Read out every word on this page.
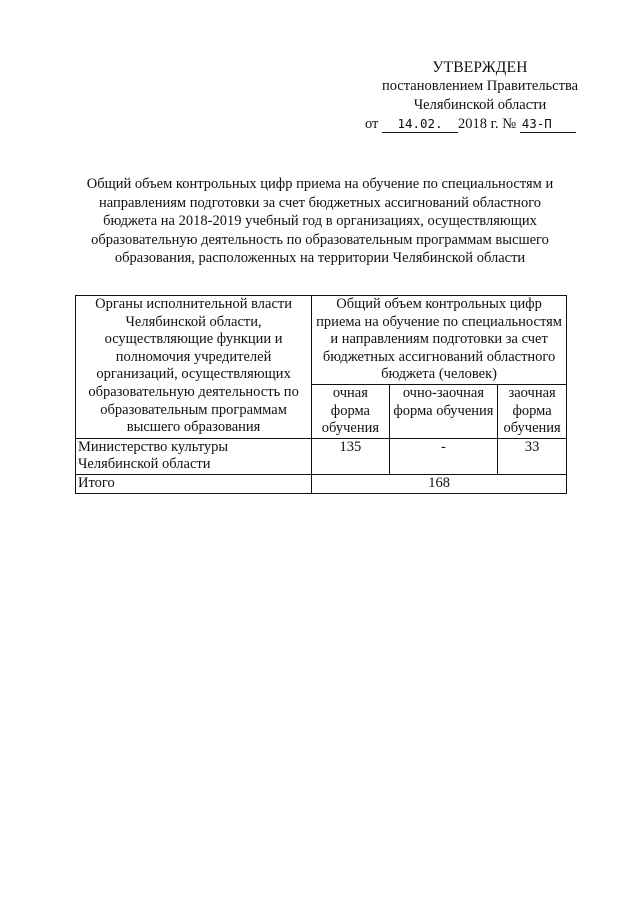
УТВЕРЖДЕН
постановлением Правительства
Челябинской области
от 14.02. 2018 г. № 43-П
Общий объем контрольных цифр приема на обучение по специальностям и направлениям подготовки за счет бюджетных ассигнований областного бюджета на 2018-2019 учебный год в организациях, осуществляющих образовательную деятельность по образовательным программам высшего образования, расположенных на территории Челябинской области
Органы исполнительной власти Челябинской области, осуществляющие функции и полномочия учредителей организаций, осуществляющих образовательную деятельность по образовательным программам высшего образования	Общий объем контрольных цифр приема на обучение по специальностям и направлениям подготовки за счет бюджетных ассигнований областного бюджета (человек)		
	очная форма обучения	очно-заочная форма обучения	заочная форма обучения
Министерство культуры Челябинской области	135	-	33
Итого	168		
